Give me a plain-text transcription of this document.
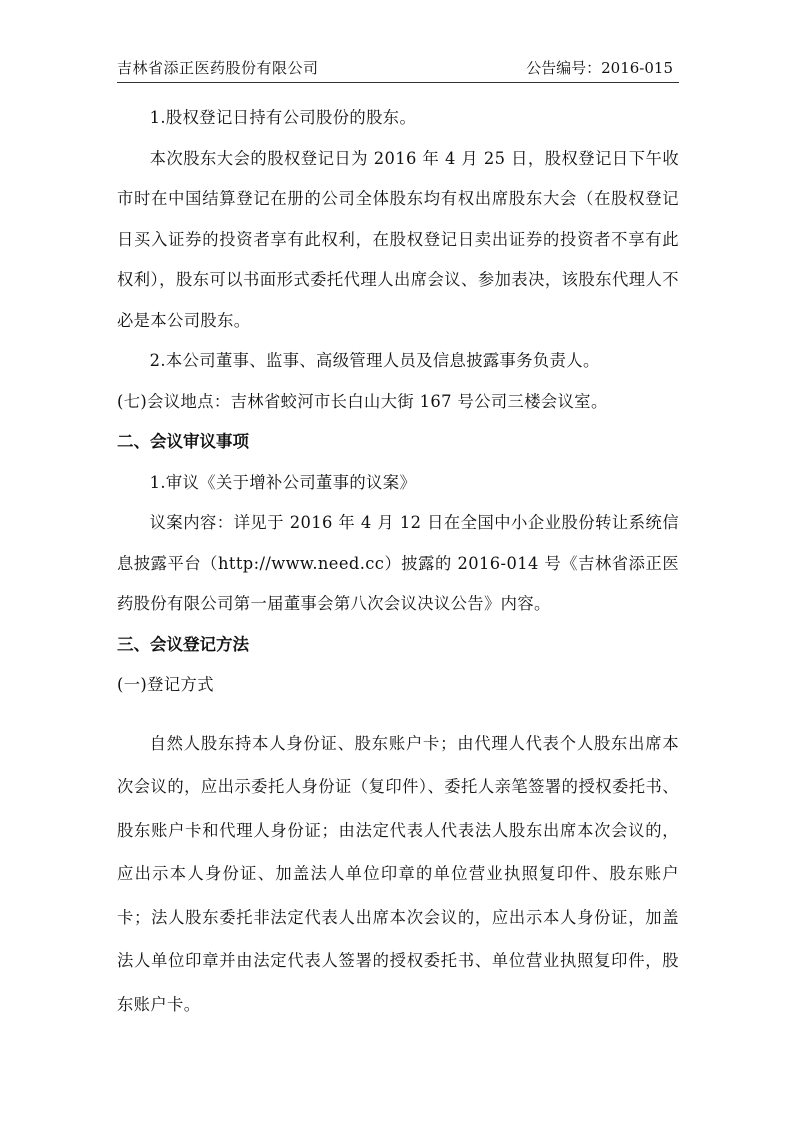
吉林省添正医药股份有限公司	公告编号：2016-015

1.股权登记日持有公司股份的股东。

本次股东大会的股权登记日为 2016 年 4 月 25 日，股权登记日下午收市时在中国结算登记在册的公司全体股东均有权出席股东大会（在股权登记日买入证券的投资者享有此权利，在股权登记日卖出证券的投资者不享有此权利），股东可以书面形式委托代理人出席会议、参加表决，该股东代理人不必是本公司股东。

2.本公司董事、监事、高级管理人员及信息披露事务负责人。

(七)会议地点：吉林省蛟河市长白山大街 167 号公司三楼会议室。

二、会议审议事项

1.审议《关于增补公司董事的议案》

议案内容：详见于 2016 年 4 月 12 日在全国中小企业股份转让系统信息披露平台（http://www.need.cc）披露的 2016-014 号《吉林省添正医药股份有限公司第一届董事会第八次会议决议公告》内容。

三、会议登记方法

(一)登记方式

自然人股东持本人身份证、股东账户卡；由代理人代表个人股东出席本次会议的，应出示委托人身份证（复印件）、委托人亲笔签署的授权委托书、股东账户卡和代理人身份证；由法定代表人代表法人股东出席本次会议的，应出示本人身份证、加盖法人单位印章的单位营业执照复印件、股东账户卡；法人股东委托非法定代表人出席本次会议的，应出示本人身份证，加盖法人单位印章并由法定代表人签署的授权委托书、单位营业执照复印件，股东账户卡。
